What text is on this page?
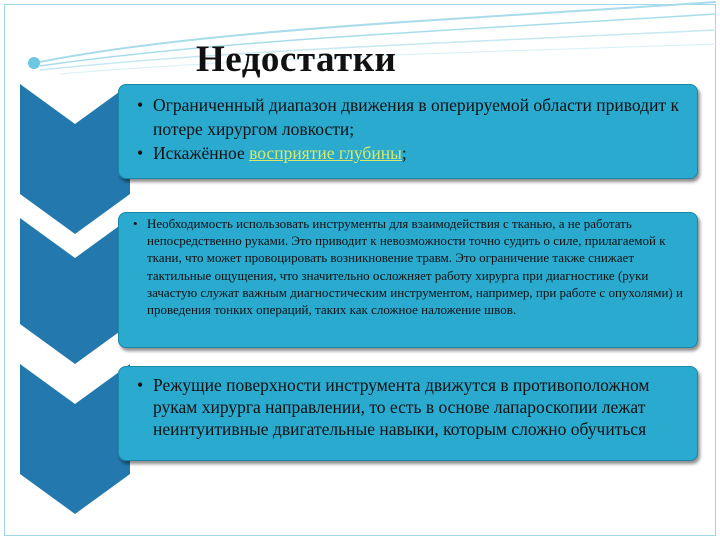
Недостатки
• Ограниченный диапазон движения в оперируемой области приводит к потере хирургом ловкости;
• Искажённое восприятие глубины;
• Необходимость использовать инструменты для взаимодействия с тканью, а не работать непосредственно руками. Это приводит к невозможности точно судить о силе, прилагаемой к ткани, что может провоцировать возникновение травм. Это ограничение также снижает тактильные ощущения, что значительно осложняет работу хирурга при диагностике (руки зачастую служат важным диагностическим инструментом, например, при работе с опухолями) и проведения тонких операций, таких как сложное наложение швов.
• Режущие поверхности инструмента движутся в противоположном рукам хирурга направлении, то есть в основе лапароскопии лежат неинтуитивные двигательные навыки, которым сложно обучиться
